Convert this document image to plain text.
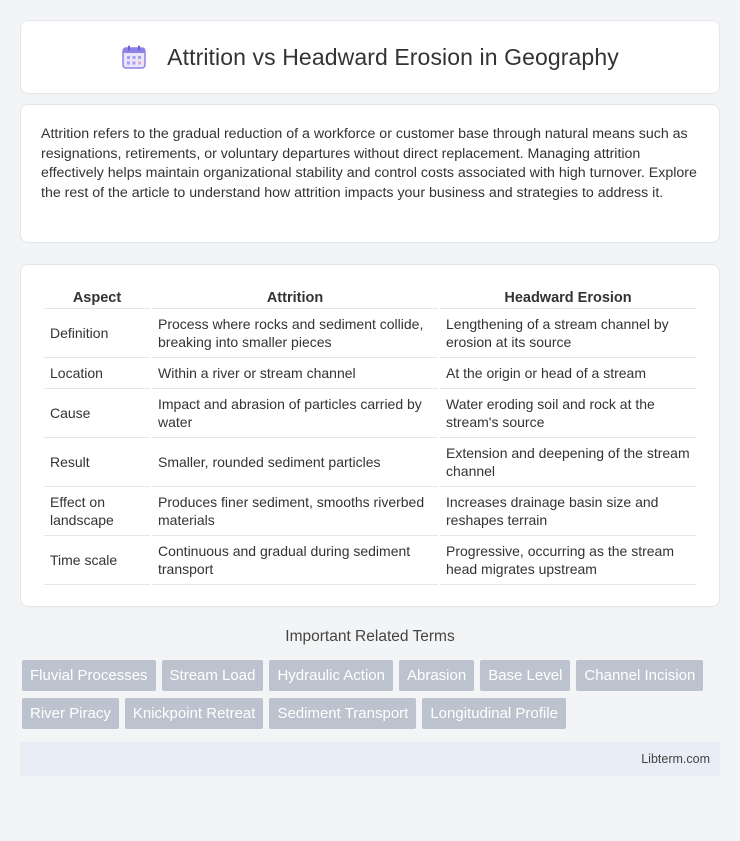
Attrition vs Headward Erosion in Geography

Attrition refers to the gradual reduction of a workforce or customer base through natural means such as resignations, retirements, or voluntary departures without direct replacement. Managing attrition effectively helps maintain organizational stability and control costs associated with high turnover. Explore the rest of the article to understand how attrition impacts your business and strategies to address it.

Aspect	Attrition	Headward Erosion
Definition	Process where rocks and sediment collide, breaking into smaller pieces	Lengthening of a stream channel by erosion at its source
Location	Within a river or stream channel	At the origin or head of a stream
Cause	Impact and abrasion of particles carried by water	Water eroding soil and rock at the stream's source
Result	Smaller, rounded sediment particles	Extension and deepening of the stream channel
Effect on landscape	Produces finer sediment, smooths riverbed materials	Increases drainage basin size and reshapes terrain
Time scale	Continuous and gradual during sediment transport	Progressive, occurring as the stream head migrates upstream
Important Related Terms
Fluvial Processes	Stream Load	Hydraulic Action	Abrasion	Base Level	Channel Incision
River Piracy	Knickpoint Retreat	Sediment Transport	Longitudinal Profile
Libterm.com
